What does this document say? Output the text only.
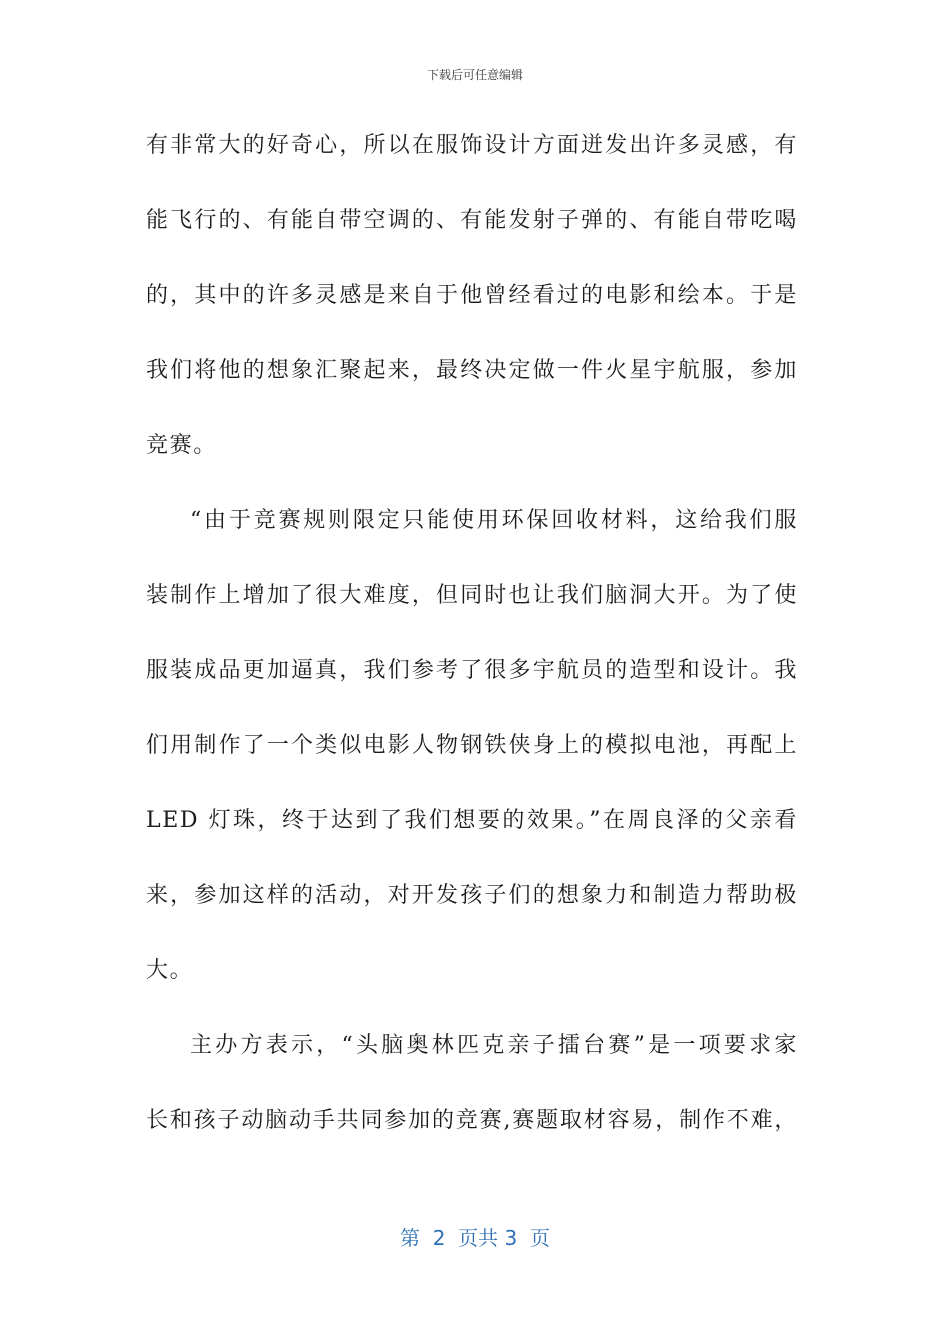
下载后可任意编辑
有非常大的好奇心，所以在服饰设计方面迸发出许多灵感，有
能飞行的、有能自带空调的、有能发射子弹的、有能自带吃喝
的，其中的许多灵感是来自于他曾经看过的电影和绘本。于是
我们将他的想象汇聚起来，最终决定做一件火星宇航服，参加
竞赛。
“由于竞赛规则限定只能使用环保回收材料，这给我们服
装制作上增加了很大难度，但同时也让我们脑洞大开。为了使
服装成品更加逼真，我们参考了很多宇航员的造型和设计。我
们用制作了一个类似电影人物钢铁侠身上的模拟电池，再配上
LED 灯珠，终于达到了我们想要的效果。”在周良泽的父亲看
来，参加这样的活动，对开发孩子们的想象力和制造力帮助极
大。
主办方表示，“头脑奥林匹克亲子擂台赛”是一项要求家
长和孩子动脑动手共同参加的竞赛,赛题取材容易，制作不难，
第  2  页共 3  页
